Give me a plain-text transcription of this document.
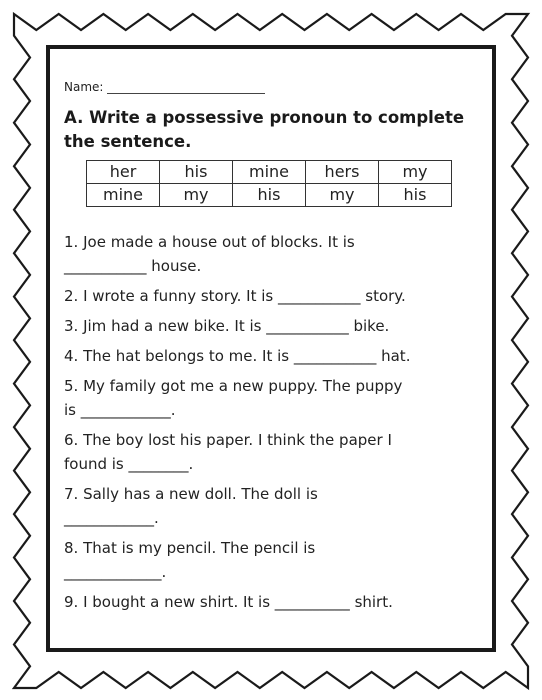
Name:
A. Write a possessive pronoun to complete the sentence.
her	his	mine	hers	my
mine	my	his	my	his
1. Joe made a house out of blocks. It is
___________ house.
2. I wrote a funny story. It is ___________ story.
3. Jim had a new bike. It is ___________ bike.
4. The hat belongs to me. It is ___________ hat.
5. My family got me a new puppy. The puppy
is ____________.
6. The boy lost his paper. I think the paper I
found is ________.
7. Sally has a new doll. The doll is
____________.
8. That is my pencil. The pencil is
_____________.
9. I bought a new shirt. It is __________ shirt.
